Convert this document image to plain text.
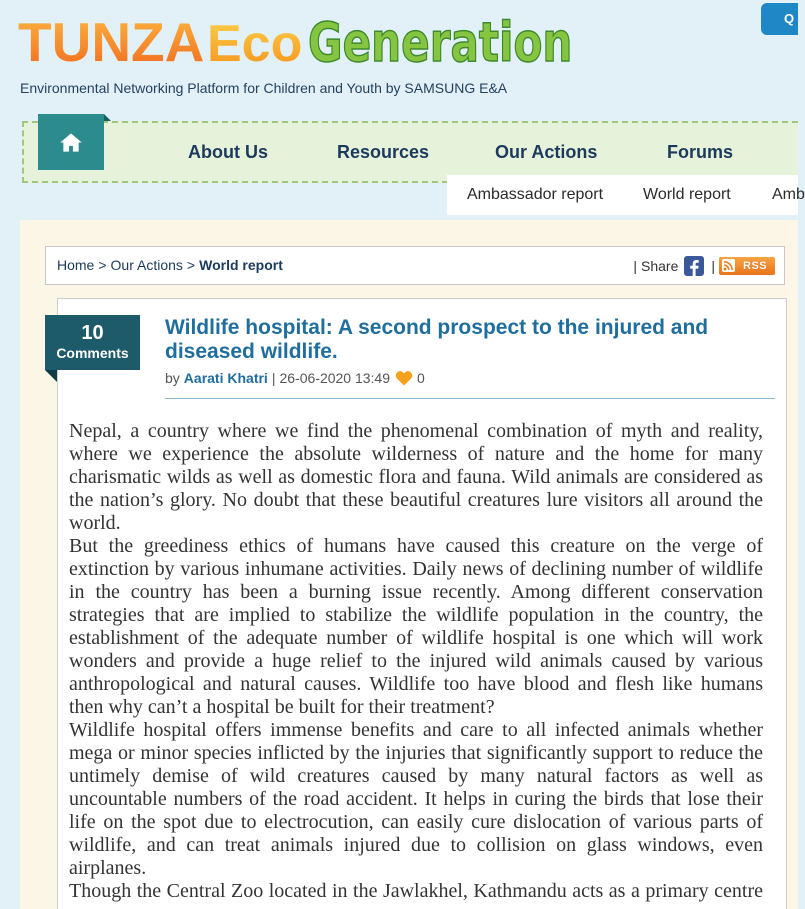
TUNZA Eco Generation
Environmental Networking Platform for Children and Youth by SAMSUNG E&A
Q
About Us	Resources	Our Actions	Forums
Ambassador report World report	Amb
Home > Our Actions > World report	| Share |	RSS
10
Comments
Wildlife hospital: A second prospect to the injured and diseased wildlife.
by Aarati Khatri | 26-06-2020 13:49 0

Nepal, a country where we find the phenomenal combination of myth and reality, where we experience the absolute wilderness of nature and the home for many charismatic wilds as well as domestic flora and fauna. Wild animals are considered as the nation’s glory. No doubt that these beautiful creatures lure visitors all around the world.

But the greediness ethics of humans have caused this creature on the verge of extinction by various inhumane activities. Daily news of declining number of wildlife in the country has been a burning issue recently. Among different conservation strategies that are implied to stabilize the wildlife population in the country, the establishment of the adequate number of wildlife hospital is one which will work wonders and provide a huge relief to the injured wild animals caused by various anthropological and natural causes. Wildlife too have blood and flesh like humans then why can’t a hospital be built for their treatment?

Wildlife hospital offers immense benefits and care to all infected animals whether mega or minor species inflicted by the injuries that significantly support to reduce the untimely demise of wild creatures caused by many natural factors as well as uncountable numbers of the road accident. It helps in curing the birds that lose their life on the spot due to electrocution, can easily cure dislocation of various parts of wildlife, and can treat animals injured due to collision on glass windows, even airplanes.

Though the Central Zoo located in the Jawlakhel, Kathmandu acts as a primary centre
